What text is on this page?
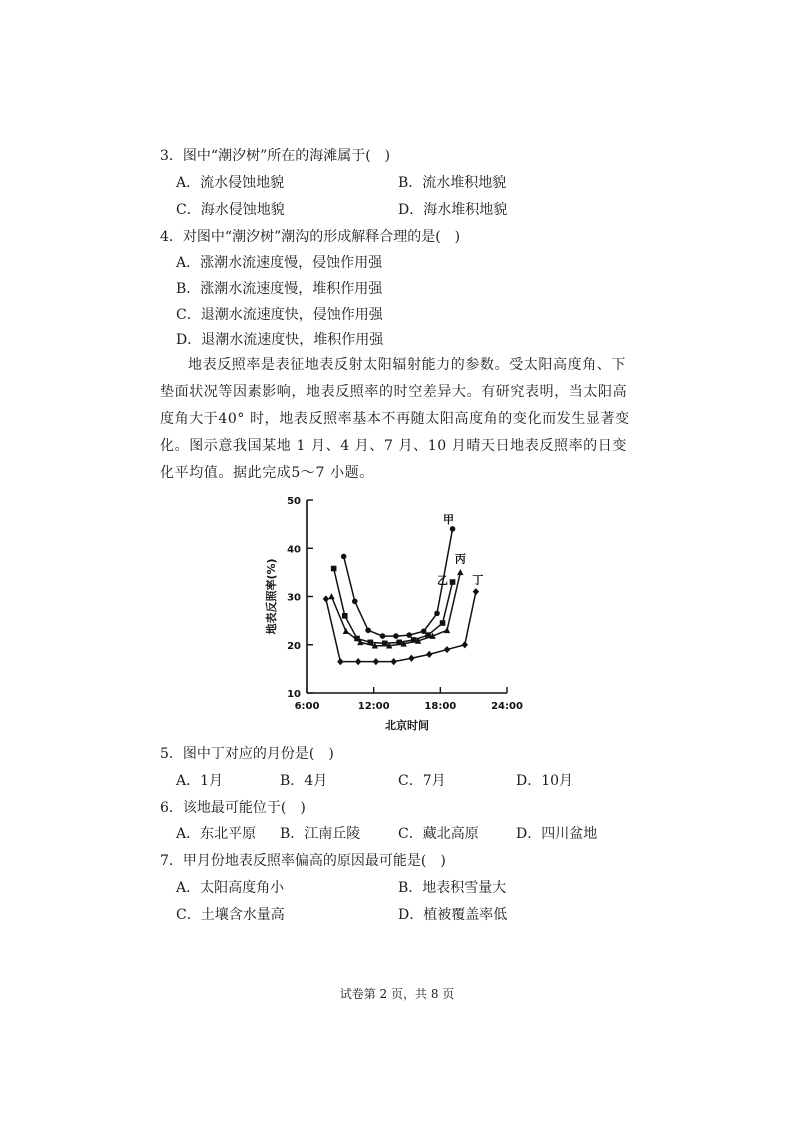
3．图中“潮汐树”所在的海滩属于(　)
A．流水侵蚀地貌	B．流水堆积地貌
C．海水侵蚀地貌	D．海水堆积地貌
4．对图中“潮汐树”潮沟的形成解释合理的是(　)
A．涨潮水流速度慢，侵蚀作用强
B．涨潮水流速度慢，堆积作用强
C．退潮水流速度快，侵蚀作用强
D．退潮水流速度快，堆积作用强
地表反照率是表征地表反射太阳辐射能力的参数。受太阳高度角、下垫面状况等因素影响，地表反照率的时空差异大。有研究表明，当太阳高度角大于40° 时，地表反照率基本不再随太阳高度角的变化而发生显著变化。图示意我国某地 1 月、4 月、7 月、10 月晴天日地表反照率的日变化平均值。据此完成5～7 小题。
10
20
30
40
50
6:00	12:00	18:00	24:00
北京时间
地表反照率(%)
甲
乙
丙
丁
5．图中丁对应的月份是(　)
A．1月	B．4月	C．7月	D．10月
6．该地最可能位于(　)
A．东北平原 B．江南丘陵	C．藏北高原	D．四川盆地
7．甲月份地表反照率偏高的原因最可能是(　)
A．太阳高度角小	B．地表积雪量大
C．土壤含水量高	D．植被覆盖率低
试卷第 2 页，共 8 页
